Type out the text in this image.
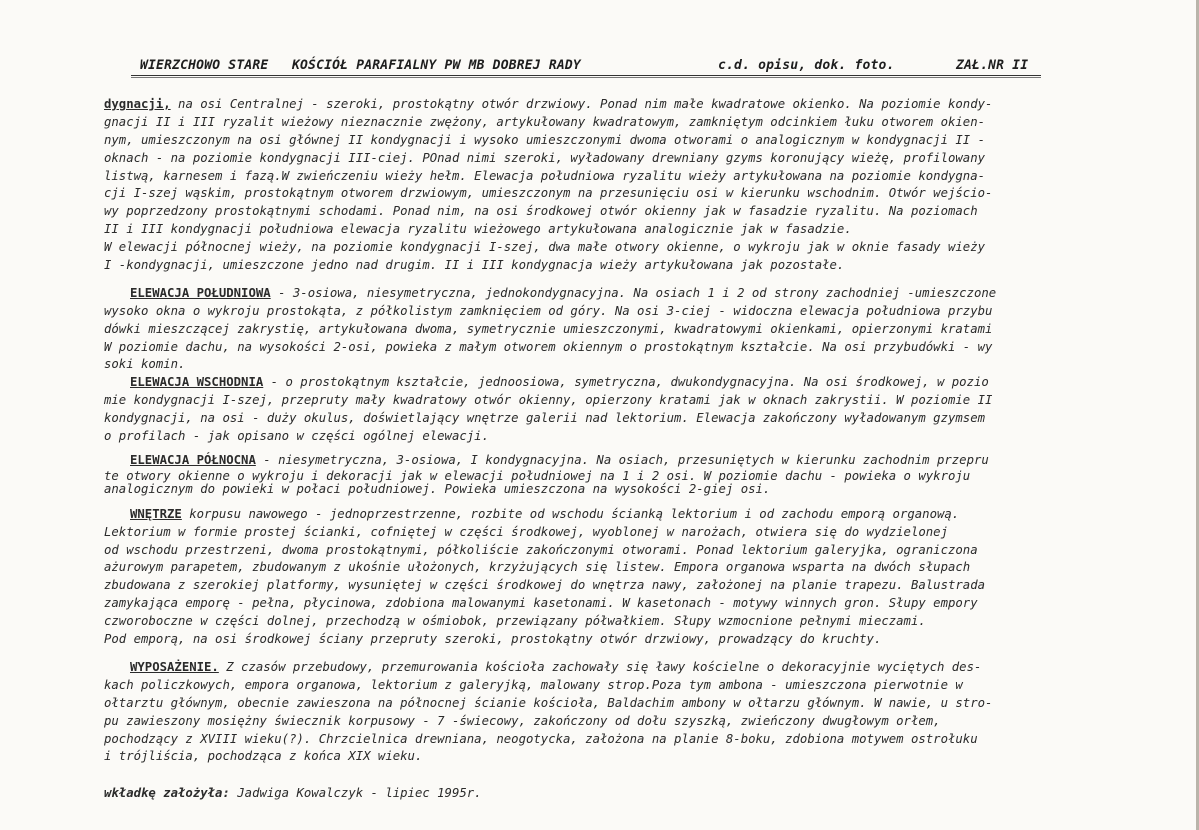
WIERZCHOWO STARE KOŚCIÓŁ PARAFIALNY PW MB DOBREJ RADY	c.d. opisu, dok. foto.	ZAŁ.NR II
dygnacji, na osi Centralnej - szeroki, prostokątny otwór drzwiowy. Ponad nim małe kwadratowe okienko. Na poziomie kondy-
gnacji II i III ryzalit wieżowy nieznacznie zwężony, artykułowany kwadratowym, zamkniętym odcinkiem łuku otworem okien-
nym, umieszczonym na osi głównej II kondygnacji i wysoko umieszczonymi dwoma otworami o analogicznym w kondygnacji II -
oknach - na poziomie kondygnacji III-ciej. POnad nimi szeroki, wyładowany drewniany gzyms koronujący wieżę, profilowany
listwą, karnesem i fazą.W zwieńczeniu wieży hełm. Elewacja południowa ryzalitu wieży artykułowana na poziomie kondygna-
cji I-szej wąskim, prostokątnym otworem drzwiowym, umieszczonym na przesunięciu osi w kierunku wschodnim. Otwór wejścio-
wy poprzedzony prostokątnymi schodami. Ponad nim, na osi środkowej otwór okienny jak w fasadzie ryzalitu. Na poziomach
II i III kondygnacji południowa elewacja ryzalitu wieżowego artykułowana analogicznie jak w fasadzie.
W elewacji północnej wieży, na poziomie kondygnacji I-szej, dwa małe otwory okienne, o wykroju jak w oknie fasady wieży
I -kondygnacji, umieszczone jedno nad drugim. II i III kondygnacja wieży artykułowana jak pozostałe.
ELEWACJA POŁUDNIOWA - 3-osiowa, niesymetryczna, jednokondygnacyjna. Na osiach 1 i 2 od strony zachodniej -umieszczone
wysoko okna o wykroju prostokąta, z półkolistym zamknięciem od góry. Na osi 3-ciej - widoczna elewacja południowa przybu
dówki mieszczącej zakrystię, artykułowana dwoma, symetrycznie umieszczonymi, kwadratowymi okienkami, opierzonymi kratami
W poziomie dachu, na wysokości 2-osi, powieka z małym otworem okiennym o prostokątnym kształcie. Na osi przybudówki - wy
soki komin.
ELEWACJA WSCHODNIA - o prostokątnym kształcie, jednoosiowa, symetryczna, dwukondygnacyjna. Na osi środkowej, w pozio
mie kondygnacji I-szej, przepruty mały kwadratowy otwór okienny, opierzony kratami jak w oknach zakrystii. W poziomie II
kondygnacji, na osi - duży okulus, doświetlający wnętrze galerii nad lektorium. Elewacja zakończony wyładowanym gzymsem
o profilach - jak opisano w części ogólnej elewacji.
ELEWACJA PÓŁNOCNA - niesymetryczna, 3-osiowa, I kondygnacyjna. Na osiach, przesuniętych w kierunku zachodnim przepru
te otwory okienne o wykroju i dekoracji jak w elewacji południowej na 1 i 2 osi. W poziomie dachu - powieka o wykroju
analogicznym do powieki w połaci południowej. Powieka umieszczona na wysokości 2-giej osi.
WNĘTRZE korpusu nawowego - jednoprzestrzenne, rozbite od wschodu ścianką lektorium i od zachodu emporą organową.
Lektorium w formie prostej ścianki, cofniętej w części środkowej, wyoblonej w narożach, otwiera się do wydzielonej
od wschodu przestrzeni, dwoma prostokątnymi, półkoliście zakończonymi otworami. Ponad lektorium galeryjka, ograniczona
ażurowym parapetem, zbudowanym z ukośnie ułożonych, krzyżujących się listew. Empora organowa wsparta na dwóch słupach
zbudowana z szerokiej platformy, wysuniętej w części środkowej do wnętrza nawy, założonej na planie trapezu. Balustrada
zamykająca emporę - pełna, płycinowa, zdobiona malowanymi kasetonami. W kasetonach - motywy winnych gron. Słupy empory
czworoboczne w części dolnej, przechodzą w ośmiobok, przewiązany półwałkiem. Słupy wzmocnione pełnymi mieczami.
Pod emporą, na osi środkowej ściany przepruty szeroki, prostokątny otwór drzwiowy, prowadzący do kruchty.
WYPOSAŻENIE. Z czasów przebudowy, przemurowania kościoła zachowały się ławy kościelne o dekoracyjnie wyciętych des-
kach policzkowych, empora organowa, lektorium z galeryjką, malowany strop.Poza tym ambona - umieszczona pierwotnie w
ołtarztu głównym, obecnie zawieszona na północnej ścianie kościoła, Baldachim ambony w ołtarzu głównym. W nawie, u stro-
pu zawieszony mosiężny świecznik korpusowy - 7 -świecowy, zakończony od dołu szyszką, zwieńczony dwugłowym orłem,
pochodzący z XVIII wieku(?). Chrzcielnica drewniana, neogotycka, założona na planie 8-boku, zdobiona motywem ostrołuku
i trójliścia, pochodząca z końca XIX wieku.
wkładkę założyła: Jadwiga Kowalczyk - lipiec 1995r.
